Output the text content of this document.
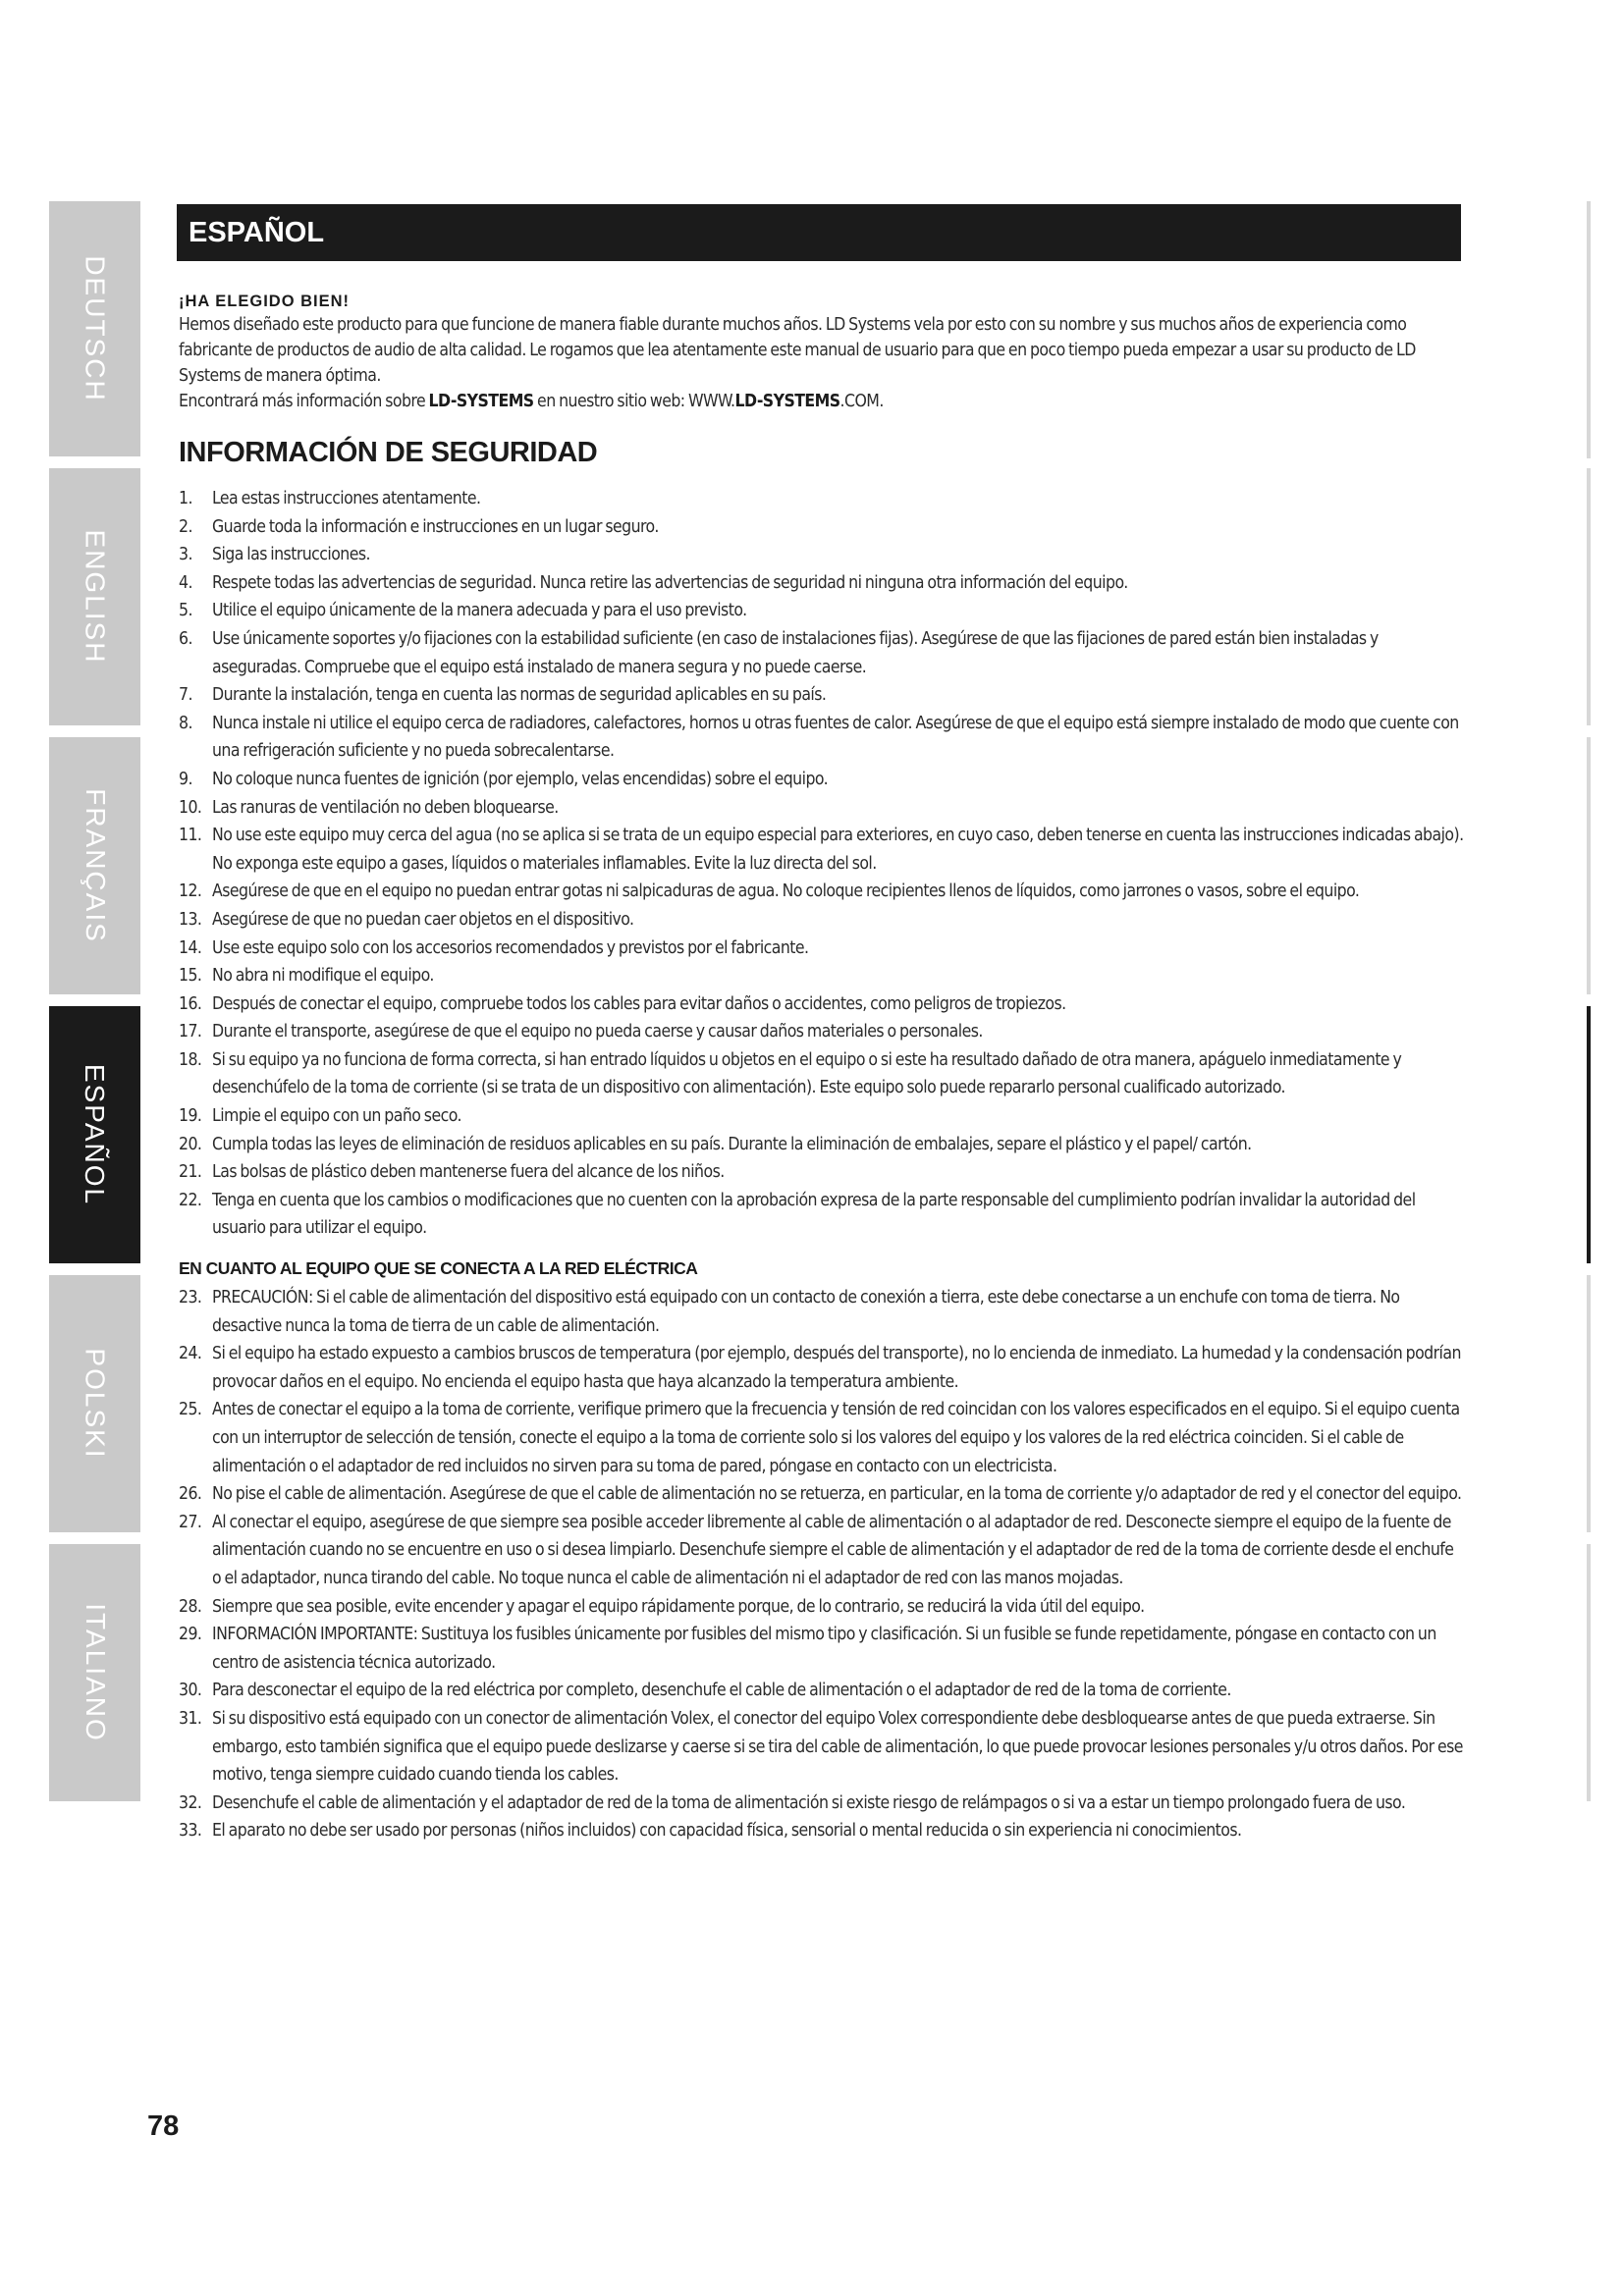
DEUTSCH
ENGLISH
FRANÇAIS
ESPAÑOL
POLSKI
ITALIANO
ESPAÑOL
¡HA ELEGIDO BIEN!

Hemos diseñado este producto para que funcione de manera fiable durante muchos años. LD Systems vela por esto con su nombre y sus muchos años de experiencia como fabricante de productos de audio de alta calidad. Le rogamos que lea atentamente este manual de usuario para que en poco tiempo pueda empezar a usar su producto de LD Systems de manera óptima.

Encontrará más información sobre LD-SYSTEMS en nuestro sitio web: WWW.LD-SYSTEMS.COM.

INFORMACIÓN DE SEGURIDAD
1.	Lea estas instrucciones atentamente.
2.	Guarde toda la información e instrucciones en un lugar seguro.
3.	Siga las instrucciones.
4.	Respete todas las advertencias de seguridad. Nunca retire las advertencias de seguridad ni ninguna otra información del equipo.
5.	Utilice el equipo únicamente de la manera adecuada y para el uso previsto.
6.	Use únicamente soportes y/o fijaciones con la estabilidad suficiente (en caso de instalaciones fijas). Asegúrese de que las fijaciones de pared están bien instaladas y aseguradas. Compruebe que el equipo está instalado de manera segura y no puede caerse.
7.	Durante la instalación, tenga en cuenta las normas de seguridad aplicables en su país.
8.	Nunca instale ni utilice el equipo cerca de radiadores, calefactores, hornos u otras fuentes de calor. Asegúrese de que el equipo está siempre instalado de modo que cuente con una refrigeración suficiente y no pueda sobrecalentarse.
9.	No coloque nunca fuentes de ignición (por ejemplo, velas encendidas) sobre el equipo.
10. Las ranuras de ventilación no deben bloquearse.
11. No use este equipo muy cerca del agua (no se aplica si se trata de un equipo especial para exteriores, en cuyo caso, deben tenerse en cuenta las instrucciones indicadas abajo). No exponga este equipo a gases, líquidos o materiales inflamables. Evite la luz directa del sol.
12. Asegúrese de que en el equipo no puedan entrar gotas ni salpicaduras de agua. No coloque recipientes llenos de líquidos, como jarrones o vasos, sobre el equipo.
13. Asegúrese de que no puedan caer objetos en el dispositivo.
14. Use este equipo solo con los accesorios recomendados y previstos por el fabricante.
15. No abra ni modifique el equipo.
16. Después de conectar el equipo, compruebe todos los cables para evitar daños o accidentes, como peligros de tropiezos.
17. Durante el transporte, asegúrese de que el equipo no pueda caerse y causar daños materiales o personales.
18. Si su equipo ya no funciona de forma correcta, si han entrado líquidos u objetos en el equipo o si este ha resultado dañado de otra manera, apáguelo inmediatamente y desenchúfelo de la toma de corriente (si se trata de un dispositivo con alimentación). Este equipo solo puede repararlo personal cualificado autorizado.
19. Limpie el equipo con un paño seco.
20. Cumpla todas las leyes de eliminación de residuos aplicables en su país. Durante la eliminación de embalajes, separe el plástico y el papel/ cartón.
21. Las bolsas de plástico deben mantenerse fuera del alcance de los niños.
22. Tenga en cuenta que los cambios o modificaciones que no cuenten con la aprobación expresa de la parte responsable del cumplimiento podrían invalidar la autoridad del usuario para utilizar el equipo.
EN CUANTO AL EQUIPO QUE SE CONECTA A LA RED ELÉCTRICA
23. PRECAUCIÓN: Si el cable de alimentación del dispositivo está equipado con un contacto de conexión a tierra, este debe conectarse a un enchufe con toma de tierra. No desactive nunca la toma de tierra de un cable de alimentación.
24. Si el equipo ha estado expuesto a cambios bruscos de temperatura (por ejemplo, después del transporte), no lo encienda de inmediato. La humedad y la condensación podrían provocar daños en el equipo. No encienda el equipo hasta que haya alcanzado la temperatura ambiente.
25. Antes de conectar el equipo a la toma de corriente, verifique primero que la frecuencia y tensión de red coincidan con los valores especificados en el equipo. Si el equipo cuenta con un interruptor de selección de tensión, conecte el equipo a la toma de corriente solo si los valores del equipo y los valores de la red eléctrica coinciden. Si el cable de alimentación o el adaptador de red incluidos no sirven para su toma de pared, póngase en contacto con un electricista.
26. No pise el cable de alimentación. Asegúrese de que el cable de alimentación no se retuerza, en particular, en la toma de corriente y/o adaptador de red y el conector del equipo.
27. Al conectar el equipo, asegúrese de que siempre sea posible acceder libremente al cable de alimentación o al adaptador de red. Desconecte siempre el equipo de la fuente de alimentación cuando no se encuentre en uso o si desea limpiarlo. Desenchufe siempre el cable de alimentación y el adaptador de red de la toma de corriente desde el enchufe o el adaptador, nunca tirando del cable. No toque nunca el cable de alimentación ni el adaptador de red con las manos mojadas.
28. Siempre que sea posible, evite encender y apagar el equipo rápidamente porque, de lo contrario, se reducirá la vida útil del equipo.
29. INFORMACIÓN IMPORTANTE: Sustituya los fusibles únicamente por fusibles del mismo tipo y clasificación. Si un fusible se funde repetidamente, póngase en contacto con un centro de asistencia técnica autorizado.
30. Para desconectar el equipo de la red eléctrica por completo, desenchufe el cable de alimentación o el adaptador de red de la toma de corriente.
31. Si su dispositivo está equipado con un conector de alimentación Volex, el conector del equipo Volex correspondiente debe desbloquearse antes de que pueda extraerse. Sin embargo, esto también significa que el equipo puede deslizarse y caerse si se tira del cable de alimentación, lo que puede provocar lesiones personales y/u otros daños. Por ese motivo, tenga siempre cuidado cuando tienda los cables.
32. Desenchufe el cable de alimentación y el adaptador de red de la toma de alimentación si existe riesgo de relámpagos o si va a estar un tiempo prolongado fuera de uso.
33. El aparato no debe ser usado por personas (niños incluidos) con capacidad física, sensorial o mental reducida o sin experiencia ni conocimientos.
78
